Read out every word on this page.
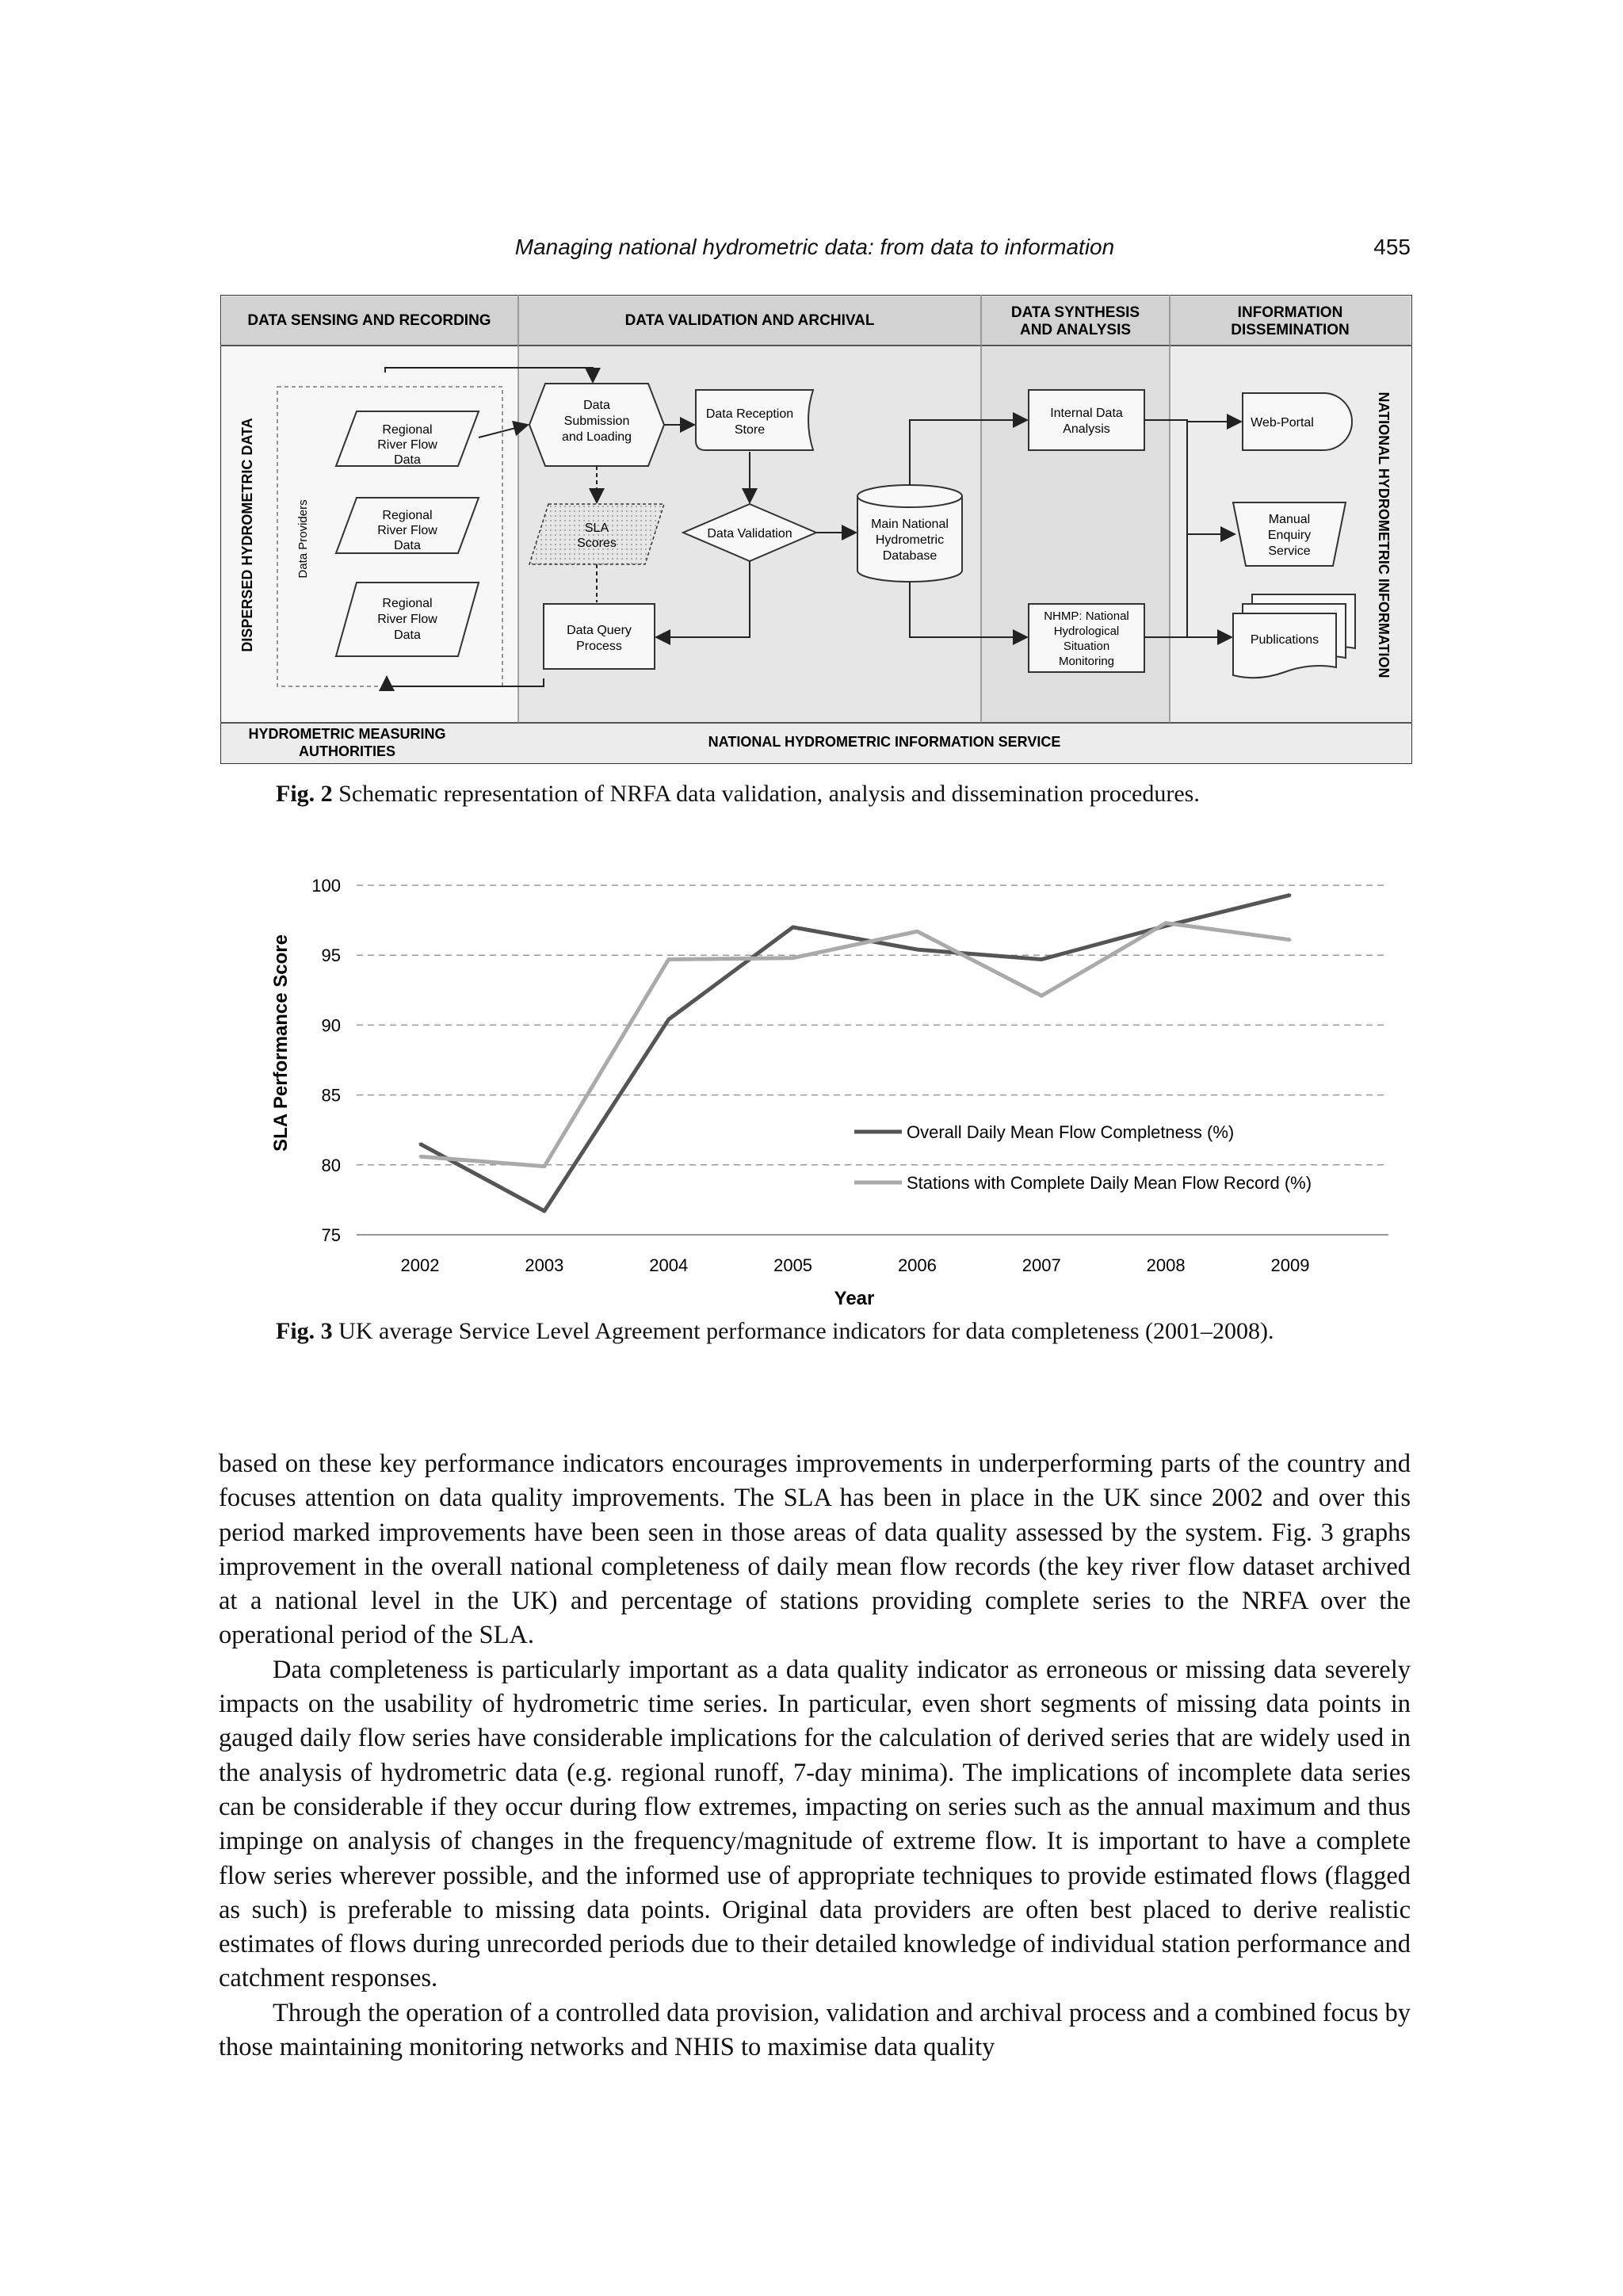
Managing national hydrometric data: from data to information	455
DATA SENSING AND RECORDING	DATA VALIDATION AND ARCHIVAL	DATA SYNTHESIS
AND ANALYSIS
INFORMATION
DISSEMINATION
DISPERSED HYDROMETRIC DATA	NATIONAL HYDROMETRIC INFORMATION
Data Providers
Regional
River Flow
Data
Regional
River Flow
Data
Regional
River Flow
Data
Data
Submission
and Loading
SLA
Scores
Data Query
Process
Data Reception
Store
Data Validation
Main National
Hydrometric
Database
Internal Data
Analysis
NHMP: National
Hydrological
Situation
Monitoring
Web-Portal
Manual
Enquiry
Service
Publications
HYDROMETRIC MEASURING
AUTHORITIES
NATIONAL HYDROMETRIC INFORMATION SERVICE
Fig. 2 Schematic representation of NRFA data validation, analysis and dissemination procedures.
100
95
90
85
80
75
2002	2003	2004	2005	2006	2007	2008	2009
SLA Performance Score
Year
Overall Daily Mean Flow Completness (%)
Stations with Complete Daily Mean Flow Record (%)
Fig. 3 UK average Service Level Agreement performance indicators for data completeness (2001–2008).

based on these key performance indicators encourages improvements in underperforming parts of the country and focuses attention on data quality improvements. The SLA has been in place in the UK since 2002 and over this period marked improvements have been seen in those areas of data quality assessed by the system. Fig. 3 graphs improvement in the overall national completeness of daily mean flow records (the key river flow dataset archived at a national level in the UK) and percentage of stations providing complete series to the NRFA over the operational period of the SLA.

Data completeness is particularly important as a data quality indicator as erroneous or missing data severely impacts on the usability of hydrometric time series. In particular, even short segments of missing data points in gauged daily flow series have considerable implications for the calculation of derived series that are widely used in the analysis of hydrometric data (e.g. regional runoff, 7-day minima). The implications of incomplete data series can be considerable if they occur during flow extremes, impacting on series such as the annual maximum and thus impinge on analysis of changes in the frequency/magnitude of extreme flow. It is important to have a complete flow series wherever possible, and the informed use of appropriate techniques to provide estimated flows (flagged as such) is preferable to missing data points. Original data providers are often best placed to derive realistic estimates of flows during unrecorded periods due to their detailed knowledge of individual station performance and catchment responses.

Through the operation of a controlled data provision, validation and archival process and a combined focus by those maintaining monitoring networks and NHIS to maximise data quality
